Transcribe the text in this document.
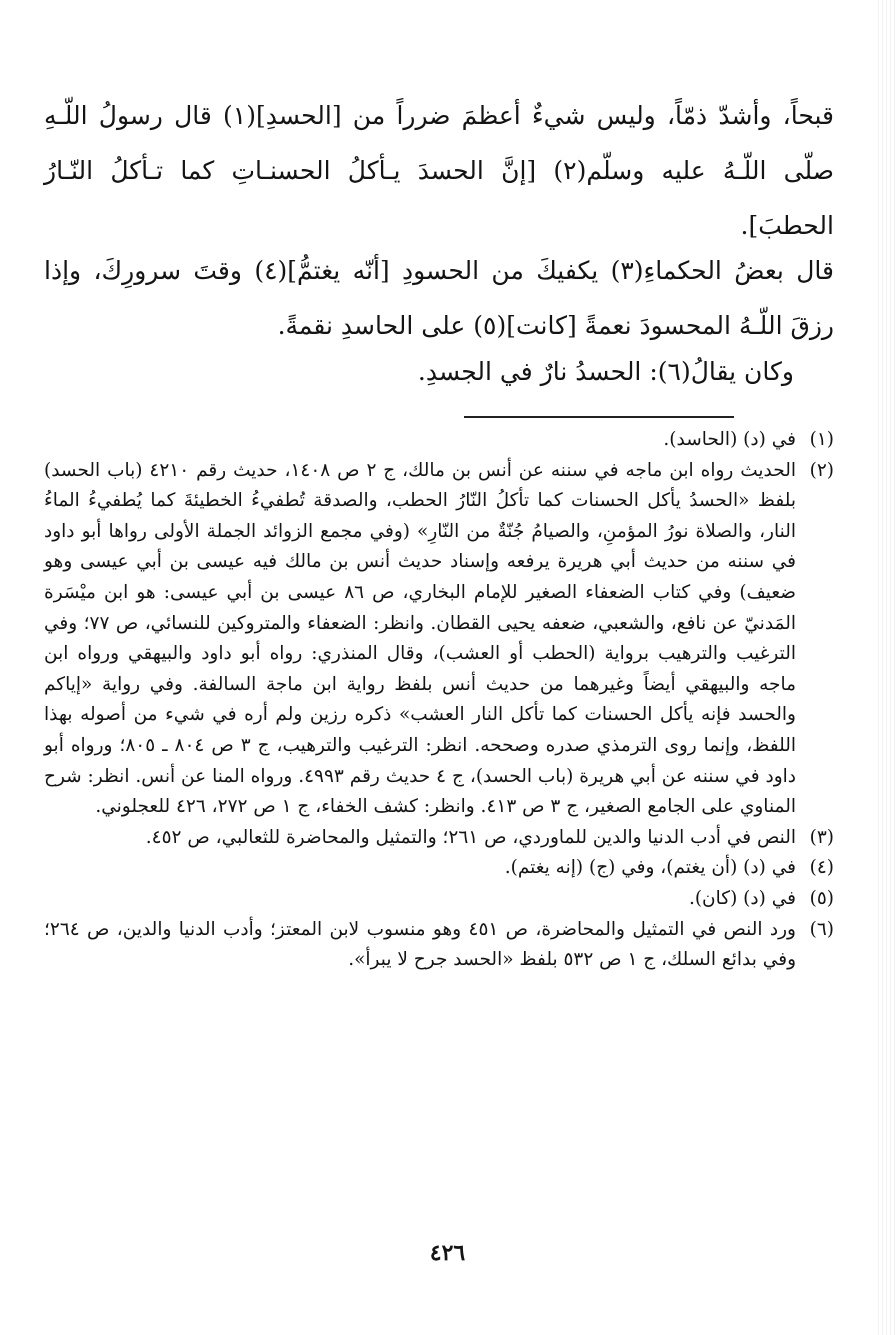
قبحاً، وأشدّ ذمّاً، وليس شيءٌ أعظمَ ضرراً من [الحسدِ](١) قال رسولُ اللّـهِ صلّى اللّـهُ عليه وسلّم(٢) [إنَّ الحسدَ يـأكلُ الحسنـاتِ كما تـأكلُ النّـارُ الحطبَ].
قال بعضُ الحكماءِ(٣) يكفيكَ من الحسودِ [أنّه يغتمُّ](٤) وقتَ سرورِكَ، وإذا رزقَ اللّـهُ المحسودَ نعمةً [كانت](٥) على الحاسدِ نقمةً.
وكان يقالُ(٦): الحسدُ نارٌ في الجسدِ.
(١)
في (د) (الحاسد).
(٢)
الحديث رواه ابن ماجه في سننه عن أنس بن مالك، ج ٢ ص ١٤٠٨، حديث رقم ٤٢١٠ (باب الحسد) بلفظ «الحسدُ يأكل الحسنات كما تأكلُ النّارُ الحطب، والصدقة تُطفيءُ الخطيئةَ كما يُطفيءُ الماءُ النار، والصلاة نورُ المؤمنِ، والصيامُ جُنّةٌ من النّارِ» (وفي مجمع الزوائد الجملة الأولى رواها أبو داود في سننه من حديث أبي هريرة يرفعه وإسناد حديث أنس بن مالك فيه عيسى بن أبي عيسى وهو ضعيف) وفي كتاب الضعفاء الصغير للإمام البخاري، ص ٨٦ عيسى بن أبي عيسى: هو ابن ميْسَرة المَدنيّ عن نافع، والشعبي، ضعفه يحيى القطان. وانظر: الضعفاء والمتروكين للنسائي، ص ٧٧؛ وفي الترغيب والترهيب برواية (الحطب أو العشب)، وقال المنذري: رواه أبو داود والبيهقي ورواه ابن ماجه والبيهقي أيضاً وغيرهما من حديث أنس بلفظ رواية ابن ماجة السالفة. وفي رواية «إياكم والحسد فإنه يأكل الحسنات كما تأكل النار العشب» ذكره رزين ولم أره في شيء من أصوله بهذا اللفظ، وإنما روى الترمذي صدره وصححه. انظر: الترغيب والترهيب، ج ٣ ص ٨٠٤ ـ ٨٠٥؛ ورواه أبو داود في سننه عن أبي هريرة (باب الحسد)، ج ٤ حديث رقم ٤٩٩٣. ورواه المنا عن أنس. انظر: شرح المناوي على الجامع الصغير، ج ٣ ص ٤١٣. وانظر: كشف الخفاء، ج ١ ص ٢٧٢، ٤٢٦ للعجلوني.
(٣)
النص في أدب الدنيا والدين للماوردي، ص ٢٦١؛ والتمثيل والمحاضرة للثعالبي، ص ٤٥٢.
(٤)
في (د) (أن يغتم)، وفي (ج) (إنه يغتم).
(٥)
في (د) (كان).
(٦)
ورد النص في التمثيل والمحاضرة، ص ٤٥١ وهو منسوب لابن المعتز؛ وأدب الدنيا والدين، ص ٢٦٤؛ وفي بدائع السلك، ج ١ ص ٥٣٢ بلفظ «الحسد جرح لا يبرأ».
٤٢٦
